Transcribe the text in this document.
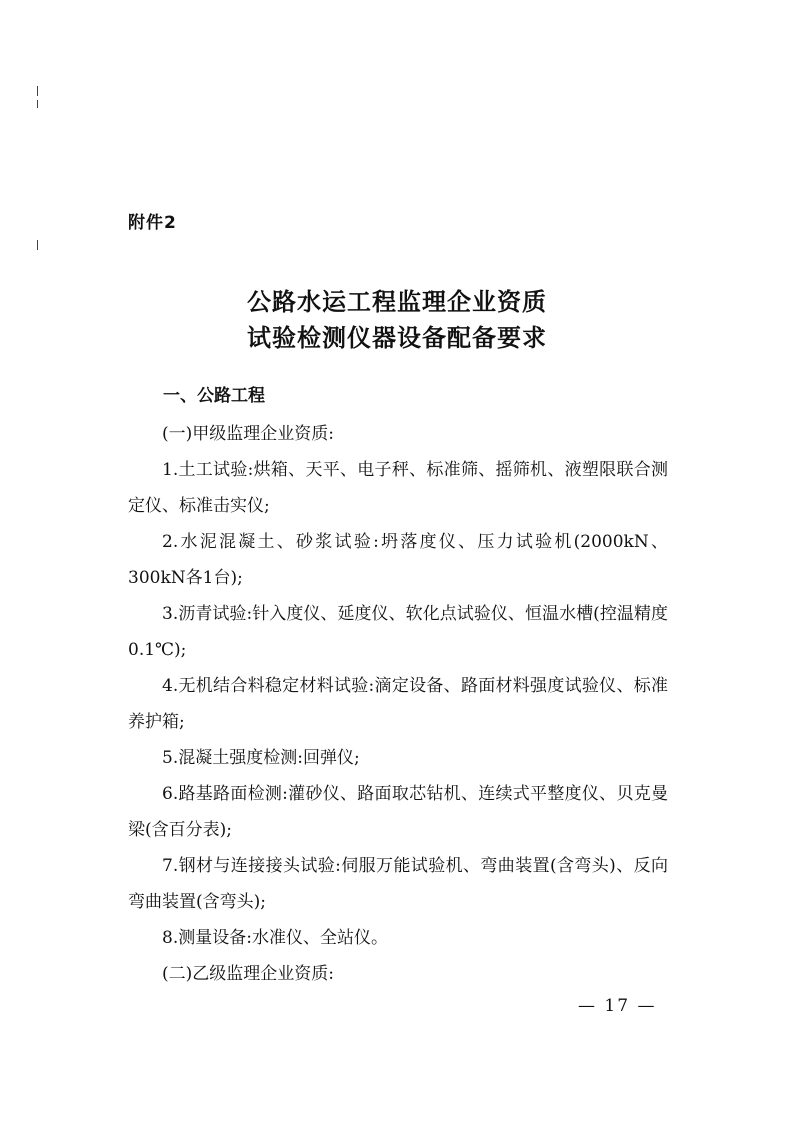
附件2
公路水运工程监理企业资质
试验检测仪器设备配备要求
一、公路工程

(一)甲级监理企业资质:

1.土工试验:烘箱、天平、电子秤、标准筛、摇筛机、液塑限联合测定仪、标准击实仪;

2.水泥混凝土、砂浆试验:坍落度仪、压力试验机(2000kN、300kN各1台);

3.沥青试验:针入度仪、延度仪、软化点试验仪、恒温水槽(控温精度0.1℃);

4.无机结合料稳定材料试验:滴定设备、路面材料强度试验仪、标准养护箱;

5.混凝土强度检测:回弹仪;

6.路基路面检测:灌砂仪、路面取芯钻机、连续式平整度仪、贝克曼梁(含百分表);

7.钢材与连接接头试验:伺服万能试验机、弯曲装置(含弯头)、反向弯曲装置(含弯头);

8.测量设备:水准仪、全站仪。

(二)乙级监理企业资质:

— 17 —
